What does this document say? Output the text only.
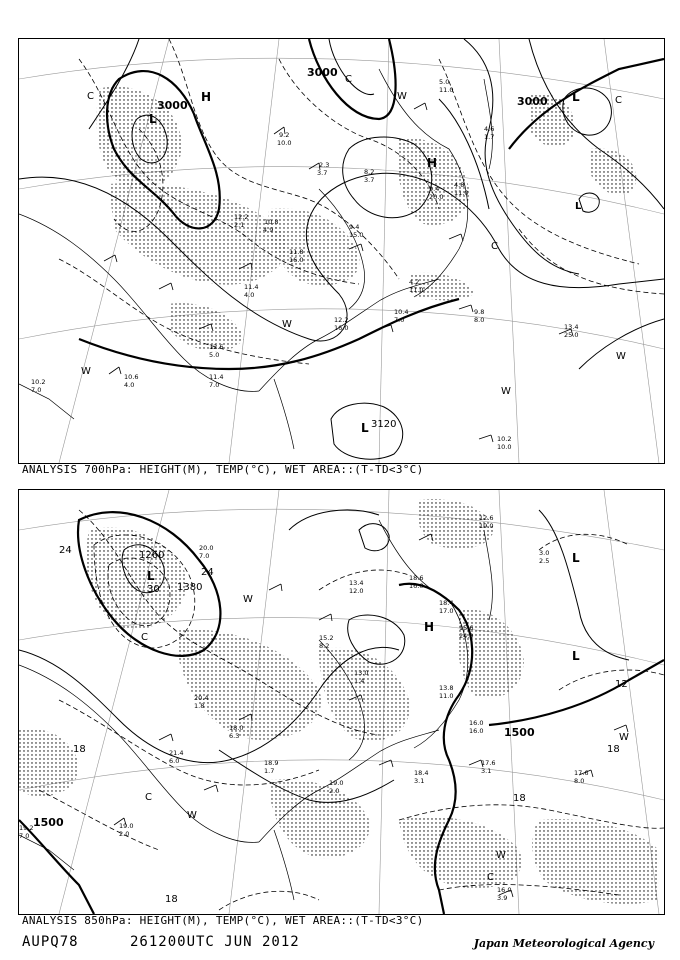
9.2
10.0
2.3
3.7
10.8
4.9
11.8
16.0
9.4
15.0
4.2
11.0
9.8
8.0
10.4
7.0
12.6
5.0
12.2
16.0	13.4
25.0
10.2
10.0
10.6
4.0
10.2
7.0
11.4
7.0
5.0
11.0
4.6
1.7
9.4
20.0
4.8
11.0
8.2
3.7
12.2
2.1
11.4
4.0
3000
3000
3000
3120
H
H
L
L
L
L
W
W
W
W
W
C
C
C
C
ANALYSIS 700hPa: HEIGHT(M), TEMP(°C), WET AREA::(T-TD<3°C)
18.6
16.0
18.4
17.0
15.6
24.0
13.4
12.0
15.2
8.2
13.0
1.4
13.8
11.0
16.0
16.0
18.4
3.1
17.6
3.1	17.6
8.0
16.0
3.9
18.0
6.3
18.9
1.7
19.0
2.0
20.4
1.8
21.4
6.0
19.0
2.0
19.2
7.0
20.0
7.0	3.0
2.5
12.6
19.0
1260
1380
1500
1500
24
24
30
18	18
18
18
12
H
L
L
L
W
W
W
W
C
C
C
ANALYSIS 850hPa: HEIGHT(M), TEMP(°C), WET AREA::(T-TD<3°C)
AUPQ78	261200UTC JUN 2012	Japan Meteorological Agency
